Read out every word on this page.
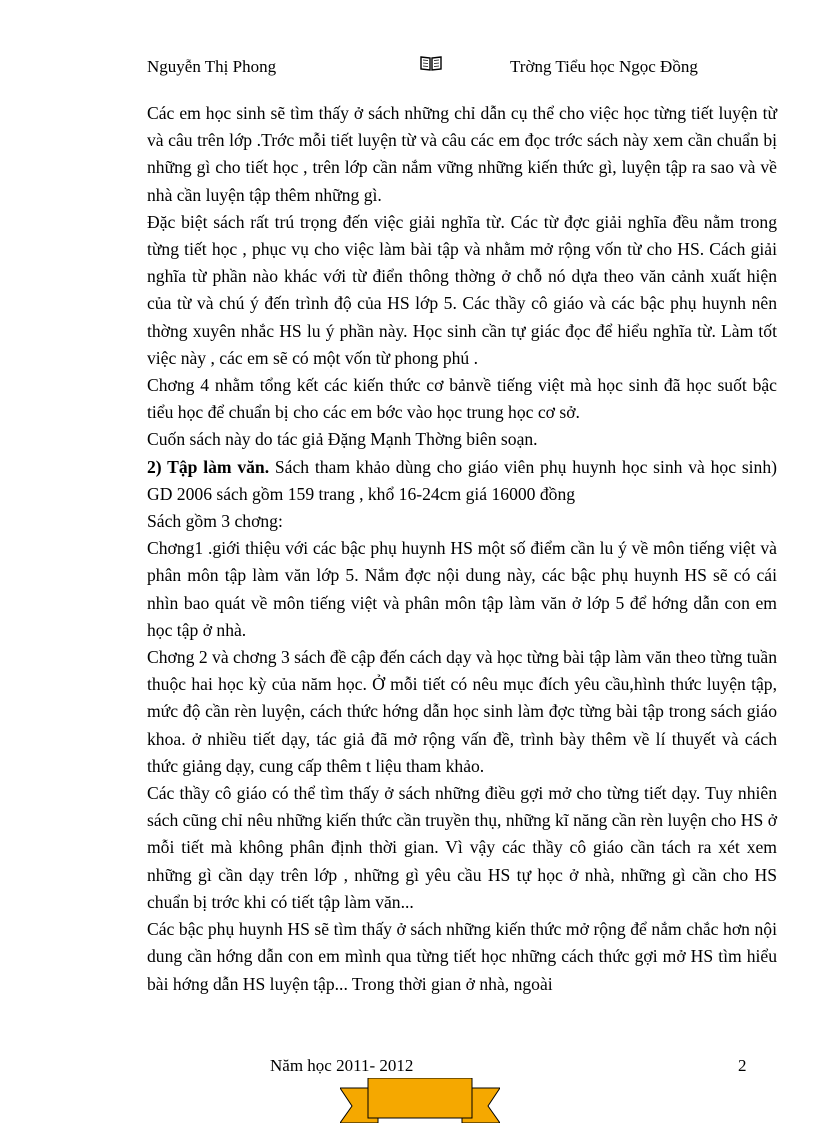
Nguyễn Thị Phong	Trờng Tiểu học Ngọc Đồng

Các em học sinh sẽ tìm thấy ở sách những chỉ dẫn cụ thể cho việc học từng tiết luyện từ và câu trên lớp .Trớc mỗi tiết luyện từ và câu các em đọc trớc sách này xem cần chuẩn bị những gì cho tiết học , trên lớp cần nắm vững những kiến thức gì, luyện tập ra sao và về nhà cần luyện tập thêm những gì.

Đặc biệt sách rất trú trọng đến việc giải nghĩa từ. Các từ đợc giải nghĩa đều nằm trong từng tiết học , phục vụ cho việc làm bài tập và nhằm mở rộng vốn từ cho HS. Cách giải nghĩa từ phần nào khác với từ điển thông thờng ở chỗ nó dựa theo văn cảnh xuất hiện của từ và chú ý đến trình độ của HS lớp 5. Các thầy cô giáo và các bậc phụ huynh nên thờng xuyên nhắc HS lu ý phần này. Học sinh cần tự giác đọc để hiểu nghĩa từ. Làm tốt việc này , các em sẽ có một vốn từ phong phú .

Chơng 4 nhằm tổng kết các kiến thức cơ bảnvề tiếng việt mà học sinh đã học suốt bậc tiểu học để chuẩn bị cho các em bớc vào học trung học cơ sở.

Cuốn sách này do tác giả Đặng Mạnh Thờng biên soạn.

2) Tập làm văn. Sách tham khảo dùng cho giáo viên phụ huynh học sinh và học sinh) GD 2006 sách gồm 159 trang , khổ 16-24cm giá 16000 đồng

Sách gồm 3 chơng:

Chơng1 .giới thiệu với các bậc phụ huynh HS một số điểm cần lu ý về môn tiếng việt và phân môn tập làm văn lớp 5. Nắm đợc nội dung này, các bậc phụ huynh HS sẽ có cái nhìn bao quát về môn tiếng việt và phân môn tập làm văn ở lớp 5 để hớng dẫn con em học tập ở nhà.

Chơng 2 và chơng 3 sách đề cập đến cách dạy và học từng bài tập làm văn theo từng tuần thuộc hai học kỳ của năm học. Ở mỗi tiết có nêu mục đích yêu cầu,hình thức luyện tập, mức độ cần rèn luyện, cách thức hớng dẫn học sinh làm đợc từng bài tập trong sách giáo khoa. ở nhiều tiết dạy, tác giả đã mở rộng vấn đề, trình bày thêm về lí thuyết và cách thức giảng dạy, cung cấp thêm t liệu tham khảo.

Các thầy cô giáo có thể tìm thấy ở sách những điều gợi mở cho từng tiết dạy. Tuy nhiên sách cũng chỉ nêu những kiến thức cần truyền thụ, những kĩ năng cần rèn luyện cho HS ở mỗi tiết mà không phân định thời gian. Vì vậy các thầy cô giáo cần tách ra xét xem những gì cần dạy trên lớp , những gì yêu cầu HS tự học ở nhà, những gì cần cho HS chuẩn bị trớc khi có tiết tập làm văn...

Các bậc phụ huynh HS sẽ tìm thấy ở sách những kiến thức mở rộng để nắm chắc hơn nội dung cần hớng dẫn con em mình qua từng tiết học những cách thức gợi mở HS tìm hiểu bài hớng dẫn HS luyện tập... Trong thời gian ở nhà, ngoài

Năm học 2011- 2012	2
